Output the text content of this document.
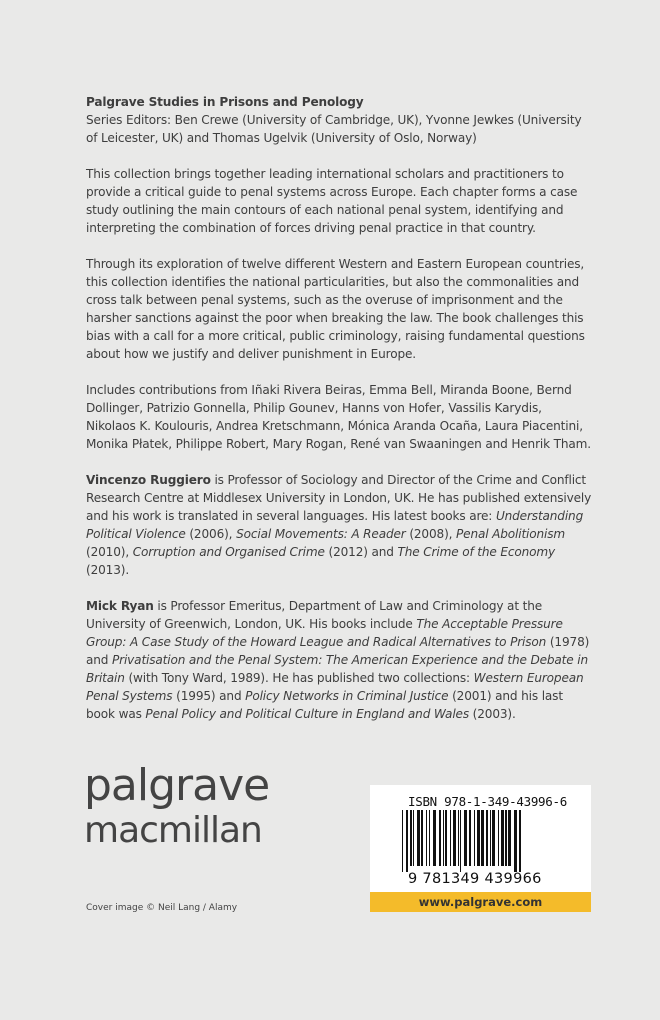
Palgrave Studies in Prisons and Penology
Series Editors: Ben Crewe (University of Cambridge, UK), Yvonne Jewkes (University of Leicester, UK) and Thomas Ugelvik (University of Oslo, Norway)

This collection brings together leading international scholars and practitioners to provide a critical guide to penal systems across Europe. Each chapter forms a case study outlining the main contours of each national penal system, identifying and interpreting the combination of forces driving penal practice in that country.

Through its exploration of twelve different Western and Eastern European countries, this collection identifies the national particularities, but also the commonalities and cross talk between penal systems, such as the overuse of imprisonment and the harsher sanctions against the poor when breaking the law. The book challenges this bias with a call for a more critical, public criminology, raising fundamental questions about how we justify and deliver punishment in Europe.

Includes contributions from Iñaki Rivera Beiras, Emma Bell, Miranda Boone, Bernd Dollinger, Patrizio Gonnella, Philip Gounev, Hanns von Hofer, Vassilis Karydis, Nikolaos K. Koulouris, Andrea Kretschmann, Mónica Aranda Ocaña, Laura Piacentini, Monika Płatek, Philippe Robert, Mary Rogan, René van Swaaningen and Henrik Tham.

Vincenzo Ruggiero is Professor of Sociology and Director of the Crime and Conflict Research Centre at Middlesex University in London, UK. He has published extensively and his work is translated in several languages. His latest books are: Understanding Political Violence (2006), Social Movements: A Reader (2008), Penal Abolitionism (2010), Corruption and Organised Crime (2012) and The Crime of the Economy (2013).

Mick Ryan is Professor Emeritus, Department of Law and Criminology at the University of Greenwich, London, UK. His books include The Acceptable Pressure Group: A Case Study of the Howard League and Radical Alternatives to Prison (1978) and Privatisation and the Penal System: The American Experience and the Debate in Britain (with Tony Ward, 1989). He has published two collections: Western European Penal Systems (1995) and Policy Networks in Criminal Justice (2001) and his last book was Penal Policy and Political Culture in England and Wales (2003).

palgrave
macmillan
ISBN 978-1-349-43996-6
9 781349 439966
www.palgrave.com
Cover image © Neil Lang / Alamy
